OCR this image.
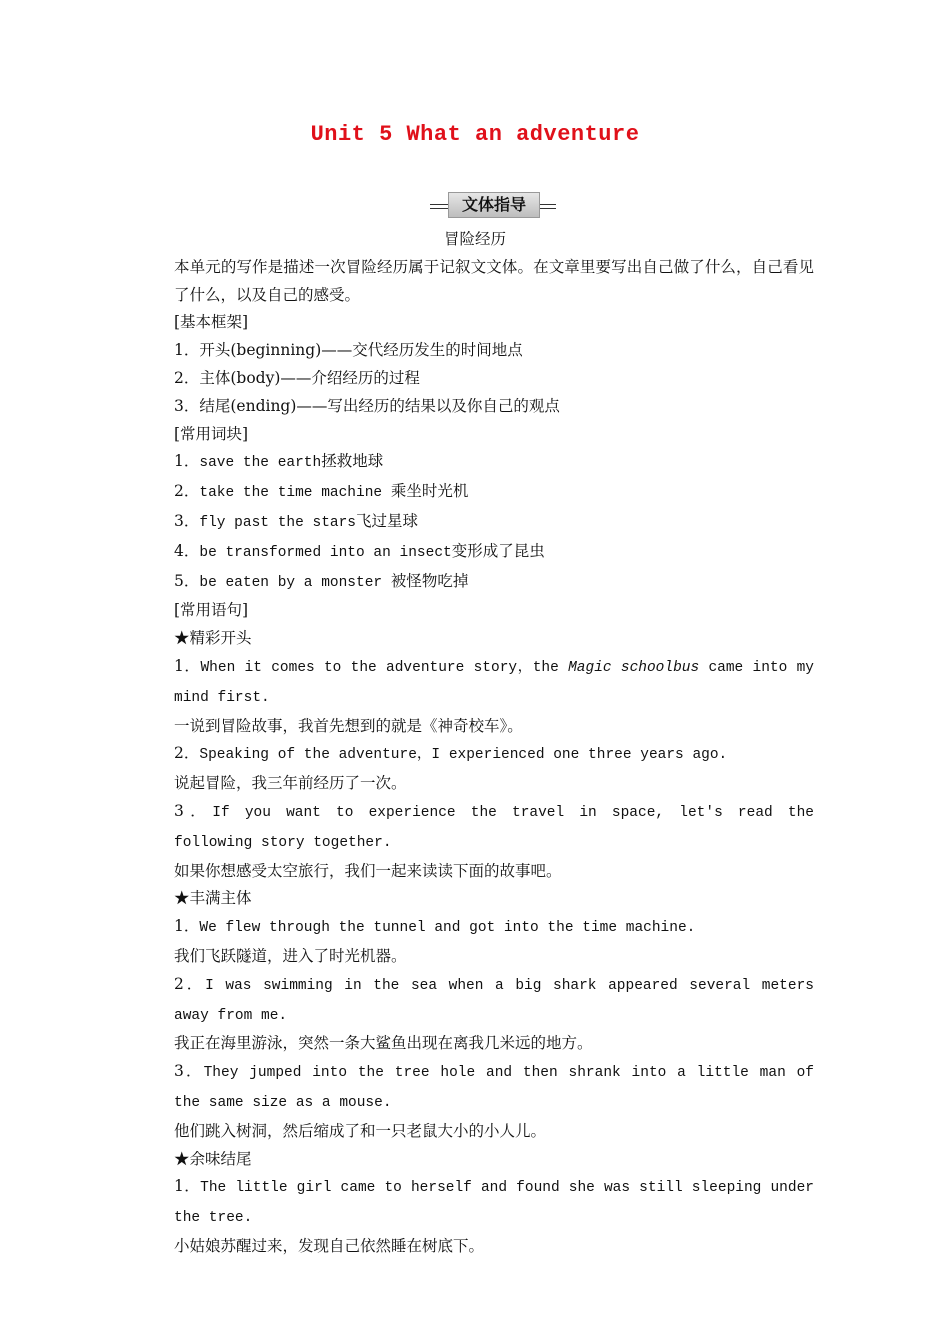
Unit 5 What an adventure
文体指导
冒险经历
本单元的写作是描述一次冒险经历属于记叙文文体。在文章里要写出自己做了什么，自己看见了什么，以及自己的感受。
[基本框架]
1．开头(beginning)——交代经历发生的时间地点
2．主体(body)——介绍经历的过程
3．结尾(ending)——写出经历的结果以及你自己的观点
[常用词块]
1．save the earth拯救地球
2．take the time machine 乘坐时光机
3．fly past the stars飞过星球
4．be transformed into an insect变形成了昆虫
5．be eaten by a monster 被怪物吃掉
[常用语句]
★精彩开头
1．When it comes to the adventure story，the Magic schoolbus came into my mind first.
一说到冒险故事，我首先想到的就是《神奇校车》。
2．Speaking of the adventure，I experienced one three years ago.
说起冒险，我三年前经历了一次。
3．If you want to experience the travel in space, let's read the following story together.
如果你想感受太空旅行，我们一起来读读下面的故事吧。
★丰满主体
1．We flew through the tunnel and got into the time machine.
我们飞跃隧道，进入了时光机器。
2．I was swimming in the sea when a big shark appeared several meters away from me.
我正在海里游泳，突然一条大鲨鱼出现在离我几米远的地方。
3．They jumped into the tree hole and then shrank into a little man of the same size as a mouse.
他们跳入树洞，然后缩成了和一只老鼠大小的小人儿。
★余味结尾
1．The little girl came to herself and found she was still sleeping under the tree.
小姑娘苏醒过来，发现自己依然睡在树底下。
